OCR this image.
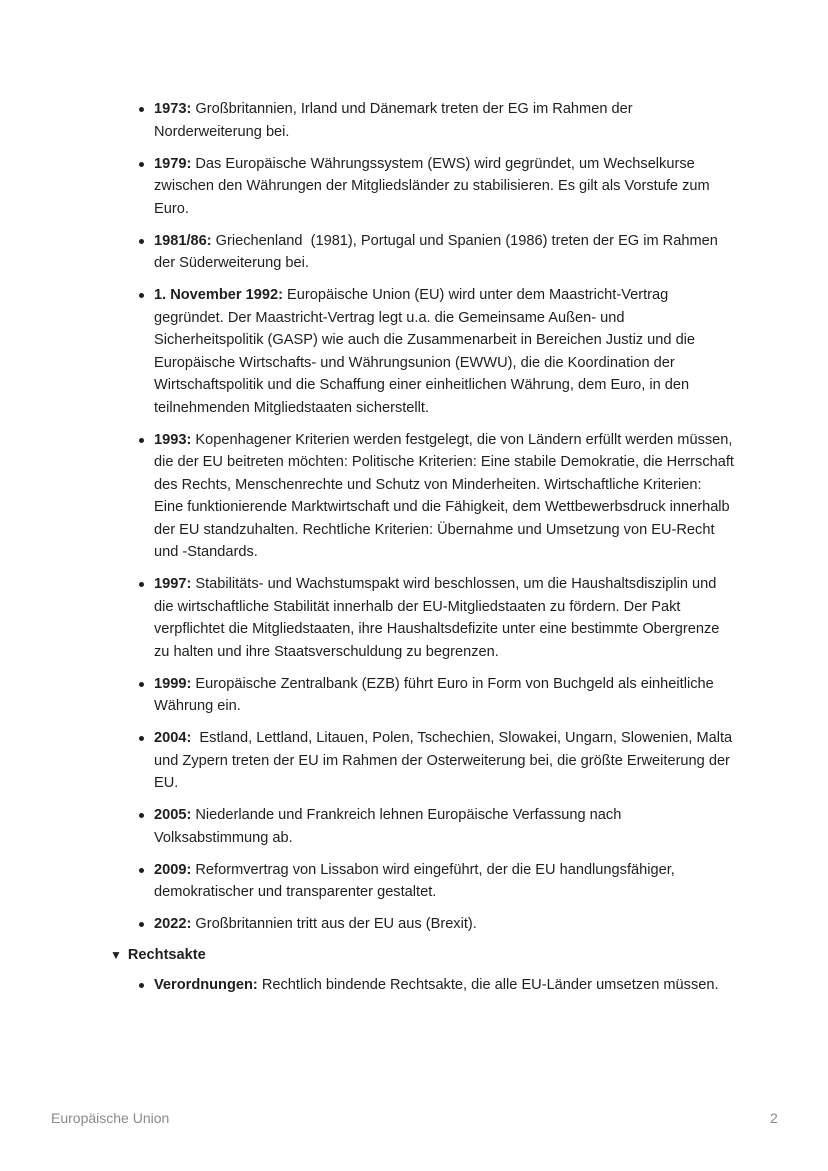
1973: Großbritannien, Irland und Dänemark treten der EG im Rahmen der Norderweiterung bei.
1979: Das Europäische Währungssystem (EWS) wird gegründet, um Wechselkurse zwischen den Währungen der Mitgliedsländer zu stabilisieren. Es gilt als Vorstufe zum Euro.
1981/86: Griechenland  (1981), Portugal und Spanien (1986) treten der EG im Rahmen der Süderweiterung bei.
1. November 1992: Europäische Union (EU) wird unter dem Maastricht-Vertrag gegründet. Der Maastricht-Vertrag legt u.a. die Gemeinsame Außen- und Sicherheitspolitik (GASP) wie auch die Zusammenarbeit in Bereichen Justiz und die Europäische Wirtschafts- und Währungsunion (EWWU), die die Koordination der Wirtschaftspolitik und die Schaffung einer einheitlichen Währung, dem Euro, in den teilnehmenden Mitgliedstaaten sicherstellt.
1993: Kopenhagener Kriterien werden festgelegt, die von Ländern erfüllt werden müssen, die der EU beitreten möchten: Politische Kriterien: Eine stabile Demokratie, die Herrschaft des Rechts, Menschenrechte und Schutz von Minderheiten. Wirtschaftliche Kriterien: Eine funktionierende Marktwirtschaft und die Fähigkeit, dem Wettbewerbsdruck innerhalb der EU standzuhalten. Rechtliche Kriterien: Übernahme und Umsetzung von EU-Recht und -Standards.
1997: Stabilitäts- und Wachstumspakt wird beschlossen, um die Haushaltsdisziplin und die wirtschaftliche Stabilität innerhalb der EU-Mitgliedstaaten zu fördern. Der Pakt verpflichtet die Mitgliedstaaten, ihre Haushaltsdefizite unter eine bestimmte Obergrenze zu halten und ihre Staatsverschuldung zu begrenzen.
1999: Europäische Zentralbank (EZB) führt Euro in Form von Buchgeld als einheitliche Währung ein.
2004:  Estland, Lettland, Litauen, Polen, Tschechien, Slowakei, Ungarn, Slowenien, Malta und Zypern treten der EU im Rahmen der Osterweiterung bei, die größte Erweiterung der EU.
2005: Niederlande und Frankreich lehnen Europäische Verfassung nach Volksabstimmung ab.
2009: Reformvertrag von Lissabon wird eingeführt, der die EU handlungsfähiger, demokratischer und transparenter gestaltet.
2022: Großbritannien tritt aus der EU aus (Brexit).
▼ Rechtsakte
Verordnungen: Rechtlich bindende Rechtsakte, die alle EU-Länder umsetzen müssen.
Europäische Union	2
